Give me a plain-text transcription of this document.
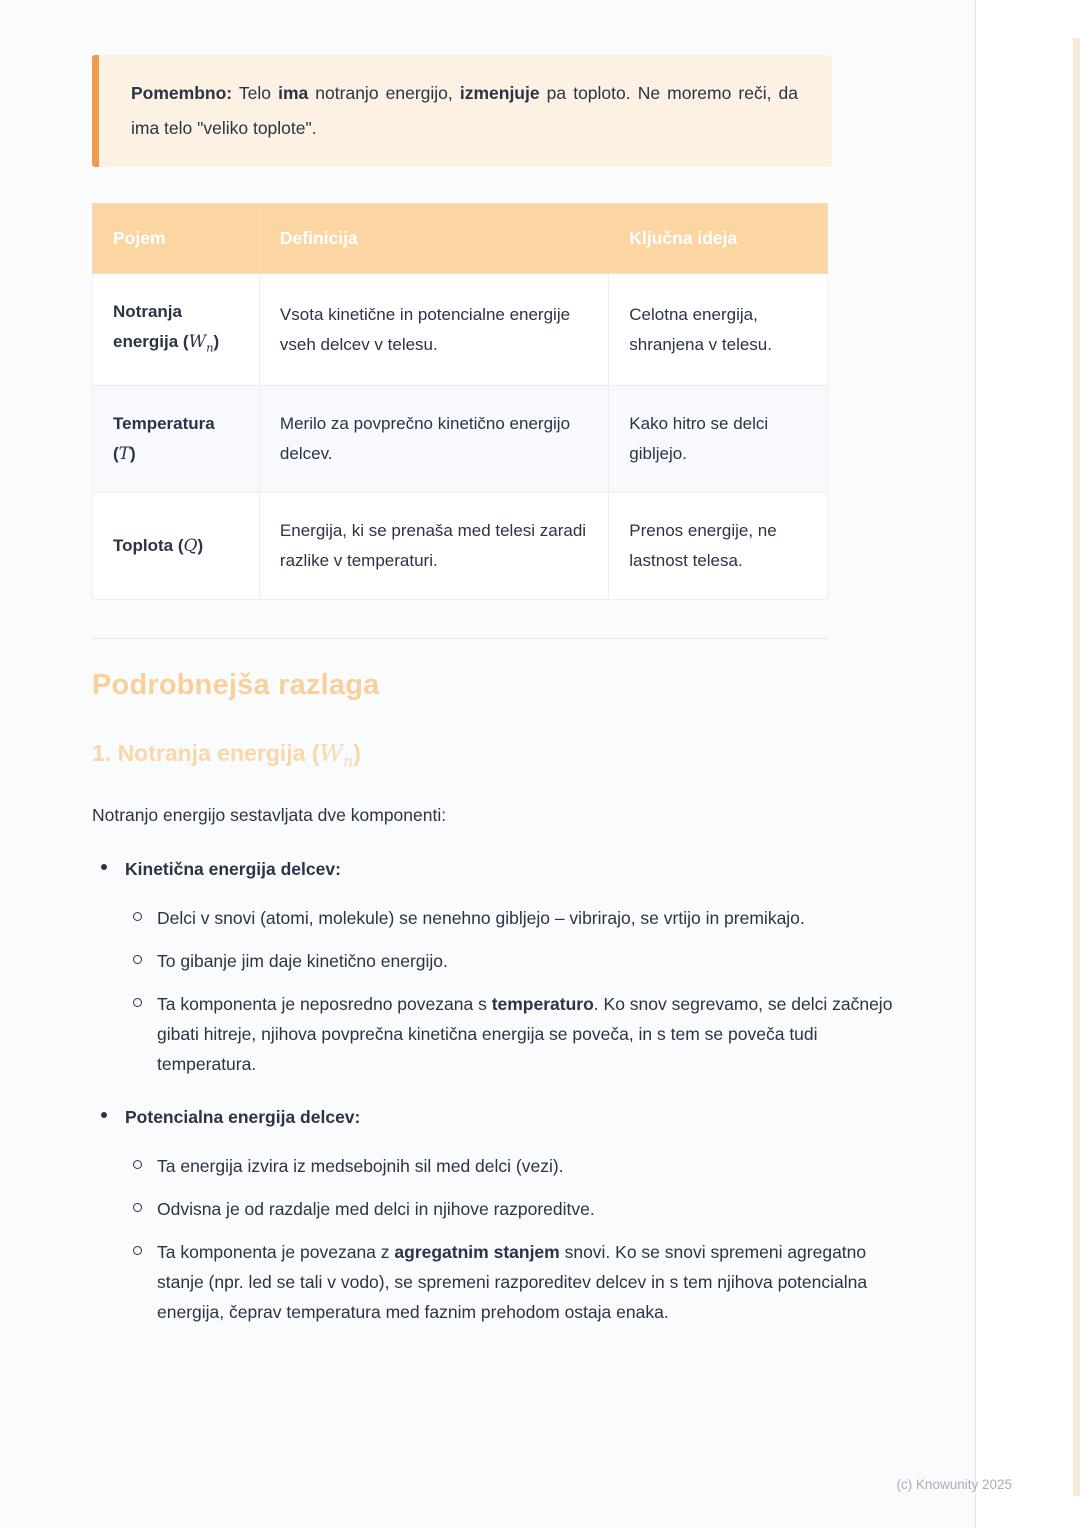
Pomembno: Telo ima notranjo energijo, izmenjuje pa toploto. Ne moremo reči, da ima telo "veliko toplote".

Pojem	Definicija	Ključna ideja
Notranja energija $(W_n)$	Vsota kinetične in potencialne energije vseh delcev v telesu.	Celotna energija, shranjena v telesu.
Temperatura (T)	Merilo za povprečno kinetično energijo delcev.	Kako hitro se delci gibljejo.
Toplota (Q)	Energija, ki se prenaša med telesi zaradi razlike v temperaturi.	Prenos energije, ne lastnost telesa.
Podrobnejša razlaga
1. Notranja energija $(W_n)$

Notranjo energijo sestavljata dve komponenti:

Kinetična energija delcev:
Delci v snovi (atomi, molekule) se nenehno gibljejo – vibrirajo, se vrtijo in premikajo.
To gibanje jim daje kinetično energijo.
Ta komponenta je neposredno povezana s temperaturo. Ko snov segrevamo, se delci začnejo gibati hitreje, njihova povprečna kinetična energija se poveča, in s tem se poveča tudi temperatura.
Potencialna energija delcev:
Ta energija izvira iz medsebojnih sil med delci (vezi).
Odvisna je od razdalje med delci in njihove razporeditve.
Ta komponenta je povezana z agregatnim stanjem snovi. Ko se snovi spremeni agregatno stanje (npr. led se tali v vodo), se spremeni razporeditev delcev in s tem njihova potencialna energija, čeprav temperatura med faznim prehodom ostaja enaka.
(c) Knowunity 2025
